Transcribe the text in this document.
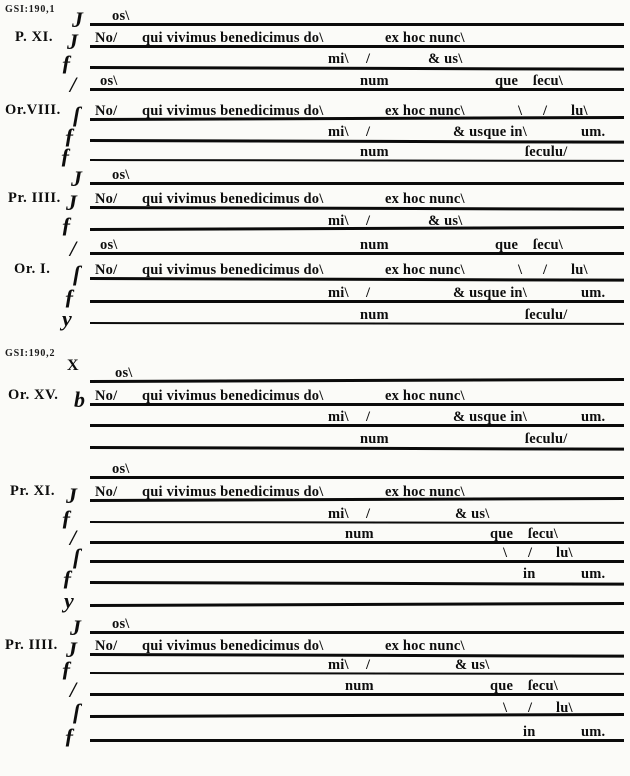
GSI:190,1
GSI:190,2
J os\
J
P. XI.	No/ qui vivimus benedicimus do\	ex hoc nunc\
ƒ	mi\ /	& us\
/ os\	num	que ſecu\
ſ
Or.VIII. No/ qui vivimus benedicimus do\	ex hoc nunc\	\ / lu\
ƒ	mi\ /	& usque in\	um.
ƒ	num	ſeculu/
J os\
J
Pr. IIII. No/ qui vivimus benedicimus do\	ex hoc nunc\
ƒ	mi\ /	& us\
/ os\	num	que ſecu\
ſ
Or. I.	No/ qui vivimus benedicimus do\	ex hoc nunc\	\ / lu\
ƒ	mi\ /	& usque in\	um.
y	num	ſeculu/
X	os\
b
Or. XV.	No/ qui vivimus benedicimus do\	ex hoc nunc\
mi\ /	& usque in\	um.
num	ſeculu/
os\
J
Pr. XI.	No/ qui vivimus benedicimus do\	ex hoc nunc\
ƒ	mi\ /	& us\
/	num	que ſecu\
ſ	\ / lu\
ƒ	in	um.
y
J os\
J
Pr. IIII.	No/ qui vivimus benedicimus do\	ex hoc nunc\
ƒ	mi\ /	& us\
/	num	que ſecu\
ſ	\ / lu\
ƒ	in	um.
